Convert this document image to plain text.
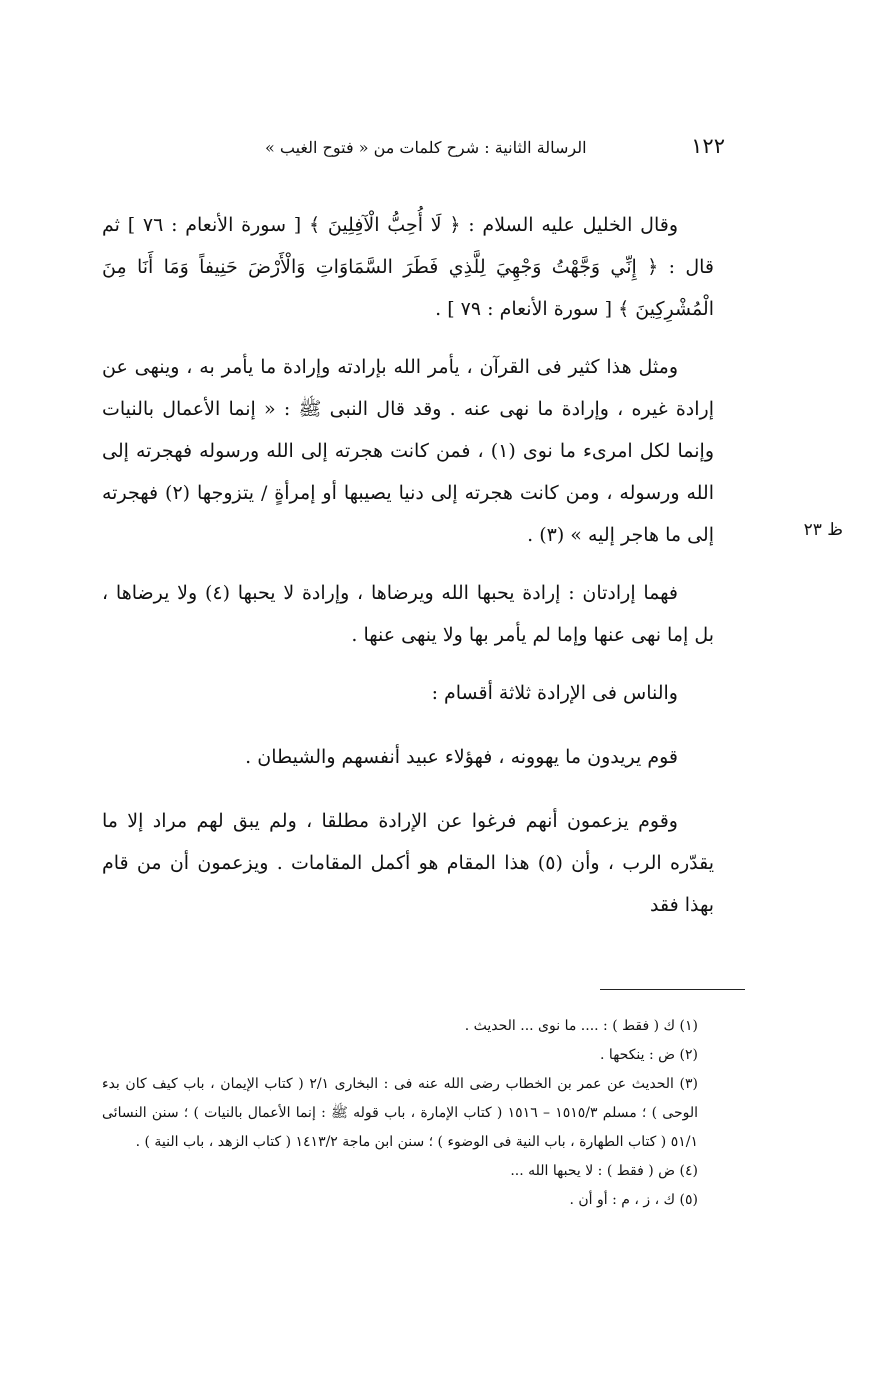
١٢٢
الرسالة الثانية : شرح كلمات من « فتوح الغيب »
ظ ٢٣

وقال الخليل عليه السلام : ﴿ لَا أُحِبُّ الْآفِلِينَ ﴾ [ سورة الأنعام : ٧٦ ] ثم قال : ﴿ إِنِّي وَجَّهْتُ وَجْهِيَ لِلَّذِي فَطَرَ السَّمَاوَاتِ وَالْأَرْضَ حَنِيفاً وَمَا أَنَا مِنَ الْمُشْرِكِينَ ﴾ [ سورة الأنعام : ٧٩ ] .

ومثل هذا كثير فى القرآن ، يأمر الله بإرادته وإرادة ما يأمر به ، وينهى عن إرادة غيره ، وإرادة ما نهى عنه . وقد قال النبى ﷺ : « إنما الأعمال بالنيات وإنما لكل امرىء ما نوى (١) ، فمن كانت هجرته إلى الله ورسوله فهجرته إلى الله ورسوله ، ومن كانت هجرته إلى دنيا يصيبها أو إمرأةٍ / يتزوجها (٢) فهجرته إلى ما هاجر إليه » (٣) .

فهما إرادتان : إرادة يحبها الله ويرضاها ، وإرادة لا يحبها (٤) ولا يرضاها ، بل إما نهى عنها وإما لم يأمر بها ولا ينهى عنها .

والناس فى الإرادة ثلاثة أقسام :

قوم يريدون ما يهوونه ، فهؤلاء عبيد أنفسهم والشيطان .

وقوم يزعمون أنهم فرغوا عن الإرادة مطلقا ، ولم يبق لهم مراد إلا ما يقدّره الرب ، وأن (٥) هذا المقام هو أكمل المقامات . ويزعمون أن من قام بهذا فقد

(١) ك ( فقط ) : .... ما نوى ... الحديث .

(٢) ض : ينكحها .

(٣) الحديث عن عمر بن الخطاب رضى الله عنه فى : البخارى ٢/١ ( كتاب الإيمان ، باب كيف كان بدء الوحى ) ؛ مسلم ١٥١٥/٣ – ١٥١٦ ( كتاب الإمارة ، باب قوله ﷺ : إنما الأعمال بالنيات ) ؛ سنن النسائى ٥١/١ ( كتاب الطهارة ، باب النية فى الوضوء ) ؛ سنن ابن ماجة ١٤١٣/٢ ( كتاب الزهد ، باب النية ) .

(٤) ض ( فقط ) : لا يحبها الله ...

(٥) ك ، ز ، م : أو أن .
